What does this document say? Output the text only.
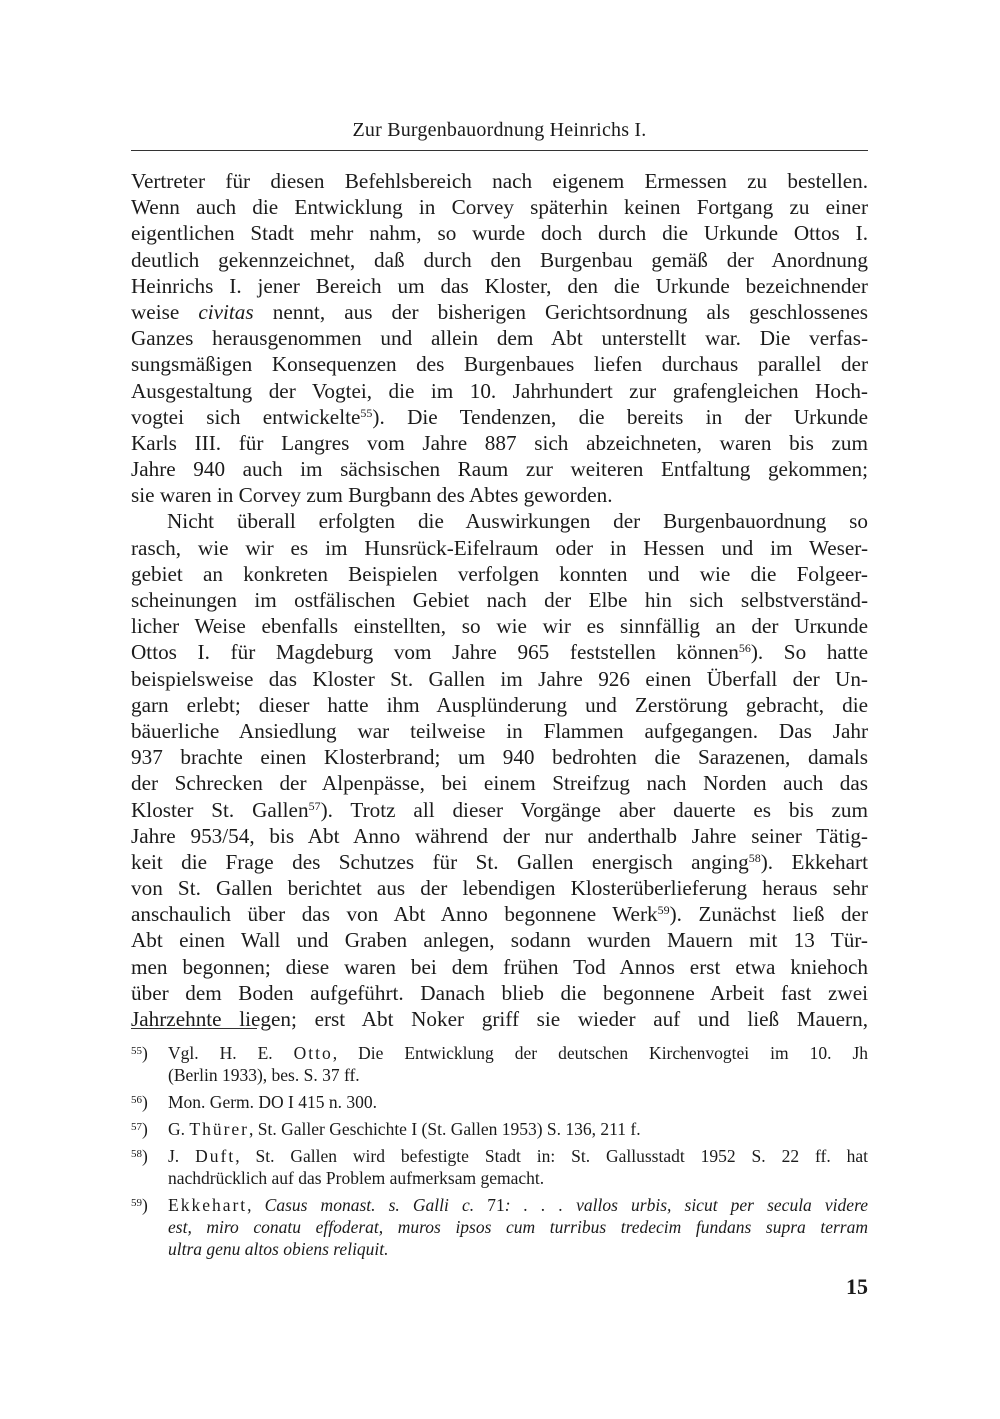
Zur Burgenbauordnung Heinrichs I.
Vertreter für diesen Befehlsbereich nach eigenem Ermessen zu bestellen.
Wenn auch die Entwicklung in Corvey späterhin keinen Fortgang zu einer
eigentlichen Stadt mehr nahm, so wurde doch durch die Urkunde Ottos I.
deutlich gekennzeichnet, daß durch den Burgenbau gemäß der Anordnung
Heinrichs I. jener Bereich um das Kloster, den die Urkunde bezeichnender
weise civitas nennt, aus der bisherigen Gerichtsordnung als geschlossenes
Ganzes herausgenommen und allein dem Abt unterstellt war. Die verfas-
sungsmäßigen Konsequenzen des Burgenbaues liefen durchaus parallel der
Ausgestaltung der Vogtei, die im 10. Jahrhundert zur grafengleichen Hoch-
vogtei sich entwickelte$^{55}$). Die Tendenzen, die bereits in der Urkunde
Karls III. für Langres vom Jahre 887 sich abzeichneten, waren bis zum
Jahre 940 auch im sächsischen Raum zur weiteren Entfaltung gekommen;
sie waren in Corvey zum Burgbann des Abtes geworden.
Nicht überall erfolgten die Auswirkungen der Burgenbauordnung so
rasch, wie wir es im Hunsrück-Eifelraum oder in Hessen und im Weser-
gebiet an konkreten Beispielen verfolgen konnten und wie die Folgeer-
scheinungen im ostfälischen Gebiet nach der Elbe hin sich selbstverständ-
licher Weise ebenfalls einstellten, so wie wir es sinnfällig an der Urкunde
Ottos I. für Magdeburg vom Jahre 965 feststellen können$^{56}$). So hatte
beispielsweise das Kloster St. Gallen im Jahre 926 einen Überfall der Un-
garn erlebt; dieser hatte ihm Ausplünderung und Zerstörung gebracht, die
bäuerliche Ansiedlung war teilweise in Flammen aufgegangen. Das Jahr
937 brachte einen Klosterbrand; um 940 bedrohten die Sarazenen, damals
der Schrecken der Alpenpässe, bei einem Streifzug nach Norden auch das
Kloster St. Gallen$^{57}$). Trotz all dieser Vorgänge aber dauerte es bis zum
Jahre 953/54, bis Abt Anno während der nur anderthalb Jahre seiner Tätig-
keit die Frage des Schutzes für St. Gallen energisch anging$^{58}$). Ekkehart
von St. Gallen berichtet aus der lebendigen Klosterüberlieferung heraus sehr
anschaulich über das von Abt Anno begonnene Werk$^{59}$). Zunächst ließ der
Abt einen Wall und Graben anlegen, sodann wurden Mauern mit 13 Tür-
men begonnen; diese waren bei dem frühen Tod Annos erst etwa kniehoch
über dem Boden aufgeführt. Danach blieb die begonnene Arbeit fast zwei
Jahrzehnte liegen; erst Abt Noker griff sie wieder auf und ließ Mauern,
$^{55}$) Vgl. H. E. Otto, Die Entwicklung der deutschen Kirchenvogtei im 10. Jh
(Berlin 1933), bes. S. 37 ff.
$^{56}$) Mon. Germ. DO I 415 n. 300.
$^{57}$) G. Thürer, St. Galler Geschichte I (St. Gallen 1953) S. 136, 211 f.
$^{58}$) J. Duft, St. Gallen wird befestigte Stadt in: St. Gallusstadt 1952 S. 22 ff. hat
nachdrücklich auf das Problem aufmerksam gemacht.
$^{59}$) Ekkehart, Casus monast. s. Galli c. 71: . . . vallos urbis, sicut per secula videre
est, miro conatu effoderat, muros ipsos cum turribus tredecim fundans supra terram
ultra genu altos obiens reliquit.
15
